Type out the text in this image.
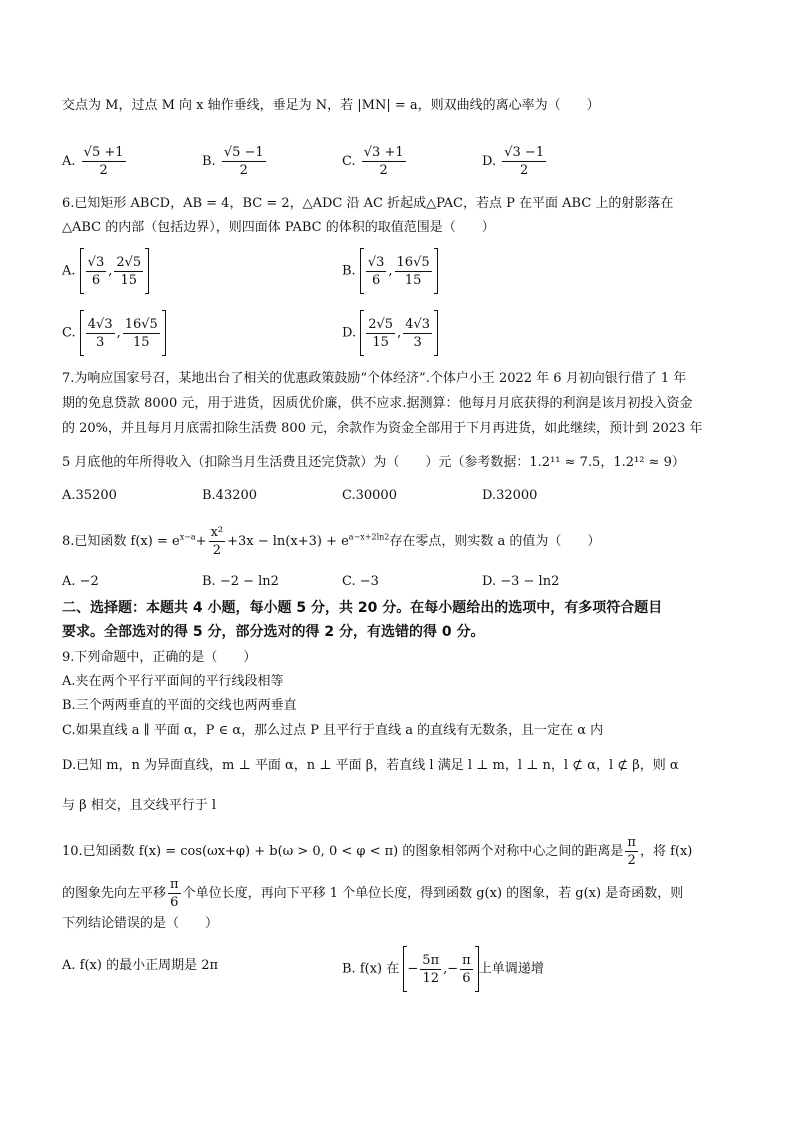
交点为 M，过点 M 向 x 轴作垂线，垂足为 N，若 |MN| = a，则双曲线的离心率为（　　）
A. $\frac{√5 +1}{2}$	B. $\frac{√5 -1}{2}$	C. $\frac{√3 +1}{2}$	D. $\frac{√3 -1}{2}$
6.已知矩形 ABCD，AB = 4，BC = 2，△ADC 沿 AC 折起成△PAC，若点 P 在平面 ABC 上的射影落在
△ABC 的内部（包括边界），则四面体 PABC 的体积的取值范围是（　　）
A. $\frac{√3}{6}$ , $\frac{2√5}{15}$	B. $\frac{√3}{6}$ , $\frac{16√5}{15}$
C. $\frac{4√3}{3}$ , $\frac{16√5}{15}$	D. $\frac{2√5}{15}$ , $\frac{4√3}{3}$
7.为响应国家号召，某地出台了相关的优惠政策鼓励“个体经济”.个体户小王 2022 年 6 月初向银行借了 1 年
期的免息贷款 8000 元，用于进货，因质优价廉，供不应求.据测算：他每月月底获得的利润是该月初投入资金
的 20%，并且每月月底需扣除生活费 800 元，余款作为资金全部用于下月再进货，如此继续，预计到 2023 年
5 月底他的年所得收入（扣除当月生活费且还完贷款）为（　　）元（参考数据：1.2¹¹ ≈ 7.5，1.2¹² ≈ 9）
A.35200	B.43200	C.30000	D.32000
8.已知函数 $f(x) = e^{x-a}+ \frac{\text{x²}}{2} +3x - \ln(x+3) + e^{a-x+2ln2}$存在零点，则实数 a 的值为（　　）
A. −2	B. −2 − ln2	C. −3	D. −3 − ln2
二、选择题：本题共 4 小题，每小题 5 分，共 20 分。在每小题给出的选项中，有多项符合题目
要求。全部选对的得 5 分，部分选对的得 2 分，有选错的得 0 分。
9.下列命题中，正确的是（　　）
A.夹在两个平行平面间的平行线段相等
B.三个两两垂直的平面的交线也两两垂直
C.如果直线 a ∥ 平面 α，P ∈ α，那么过点 P 且平行于直线 a 的直线有无数条，且一定在 α 内
D.已知 m，n 为异面直线，m ⊥ 平面 α，n ⊥ 平面 β，若直线 l 满足 l ⊥ m，l ⊥ n，l ⊄ α，l ⊄ β，则 α
与 β 相交，且交线平行于 l
10.已知函数 f(x) = cos(ωx+φ) + b(ω > 0, 0 < φ < π) 的图象相邻两个对称中心之间的距离是 $\frac{\pi}{2}$ ，将 f(x)
的图象先向左平移 $\frac{\pi}{6}$ 个单位长度，再向下平移 1 个单位长度，得到函数 g(x) 的图象，若 g(x) 是奇函数，则
下列结论错误的是（　　）
A. f(x) 的最小正周期是 2π	B. f(x) 在 − $\frac{5\pi}{12}$ ,− $\frac{\pi}{6}$ 上单调递增
